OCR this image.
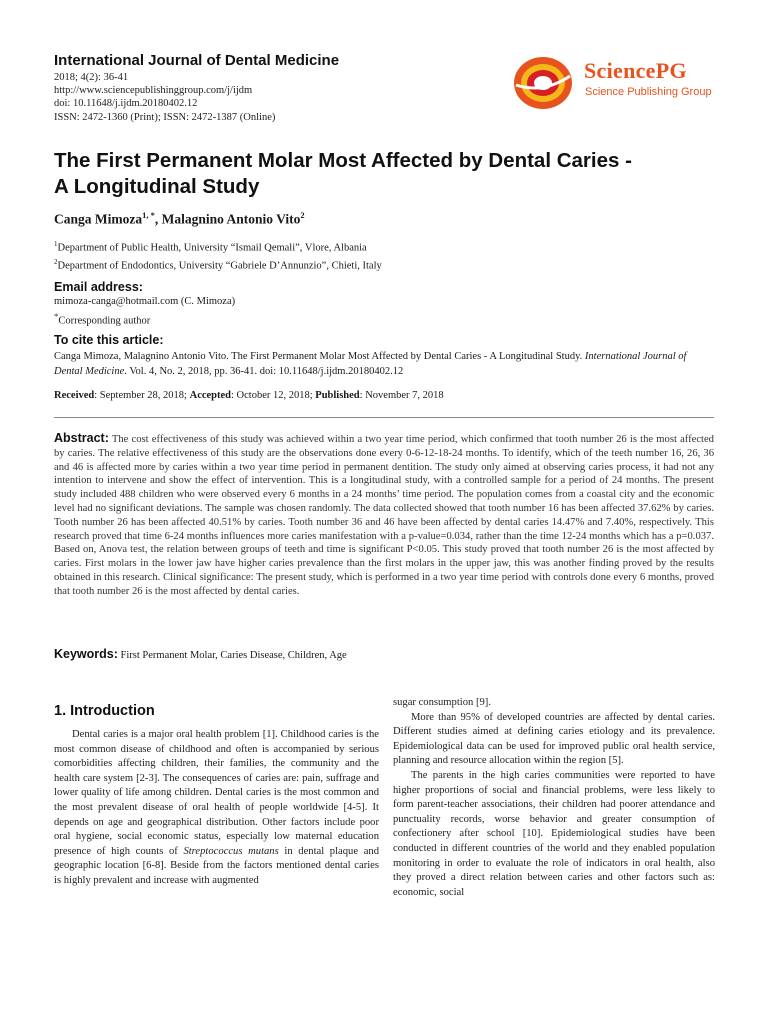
International Journal of Dental Medicine
2018; 4(2): 36-41
http://www.sciencepublishinggroup.com/j/ijdm
doi: 10.11648/j.ijdm.20180402.12
ISSN: 2472-1360 (Print); ISSN: 2472-1387 (Online)
SciencePG
Science Publishing Group
The First Permanent Molar Most Affected by Dental Caries -
A Longitudinal Study
Canga Mimoza$^{1, *}$, Malagnino Antonio Vito$^2$
$^1$Department of Public Health, University “Ismail Qemali”, Vlore, Albania
$^2$Department of Endodontics, University “Gabriele D’Annunzio”, Chieti, Italy
Email address:
mimoza-canga@hotmail.com (C. Mimoza)
*Corresponding author
To cite this article:
Canga Mimoza, Malagnino Antonio Vito. The First Permanent Molar Most Affected by Dental Caries - A Longitudinal Study. International Journal of Dental Medicine. Vol. 4, No. 2, 2018, pp. 36-41. doi: 10.11648/j.ijdm.20180402.12
Received: September 28, 2018; Accepted: October 12, 2018; Published: November 7, 2018
Abstract: The cost effectiveness of this study was achieved within a two year time period, which confirmed that tooth number 26 is the most affected by caries. The relative effectiveness of this study are the observations done every 0-6-12-18-24 months. To identify, which of the teeth number 16, 26, 36 and 46 is affected more by caries within a two year time period in permanent dentition. The study only aimed at observing caries process, it had not any intention to intervene and show the effect of intervention. This is a longitudinal study, with a controlled sample for a period of 24 months. The present study included 488 children who were observed every 6 months in a 24 months’ time period. The population comes from a coastal city and the economic level had no significant deviations. The sample was chosen randomly. The data collected showed that tooth number 16 has been affected 37.62% by caries. Tooth number 26 has been affected 40.51% by caries. Tooth number 36 and 46 have been affected by dental caries 14.47% and 7.40%, respectively. This research proved that time 6-24 months influences more caries manifestation with a p-value=0.034, rather than the time 12-24 months which has a p=0.037. Based on, Anova test, the relation between groups of teeth and time is significant P<0.05. This study proved that tooth number 26 is the most affected by caries. First molars in the lower jaw have higher caries prevalence than the first molars in the upper jaw, this was another finding proved by the results obtained in this research. Clinical significance: The present study, which is performed in a two year time period with controls done every 6 months, proved that tooth number 26 is the most affected by dental caries.
Keywords: First Permanent Molar, Caries Disease, Children, Age
1. Introduction

Dental caries is a major oral health problem [1]. Childhood caries is the most common disease of childhood and often is accompanied by serious comorbidities affecting children, their families, the community and the health care system [2-3]. The consequences of caries are: pain, suffrage and lower quality of life among children. Dental caries is the most common and the most prevalent disease of oral health of people worldwide [4-5]. It depends on age and geographical distribution. Other factors include poor oral hygiene, social economic status, especially low maternal education presence of high counts of Streptococcus mutans in dental plaque and geographic location [6-8]. Beside from the factors mentioned dental caries is highly prevalent and increase with augmented

sugar consumption [9].

More than 95% of developed countries are affected by dental caries. Different studies aimed at defining caries etiology and its prevalence. Epidemiological data can be used for improved public oral health service, planning and resource allocation within the region [5].

The parents in the high caries communities were reported to have higher proportions of social and financial problems, were less likely to form parent-teacher associations, their children had poorer attendance and punctuality records, worse behavior and greater consumption of confectionery after school [10]. Epidemiological studies have been conducted in different countries of the world and they enabled population monitoring in order to evaluate the role of indicators in oral health, also they proved a direct relation between caries and other factors such as: economic, social
